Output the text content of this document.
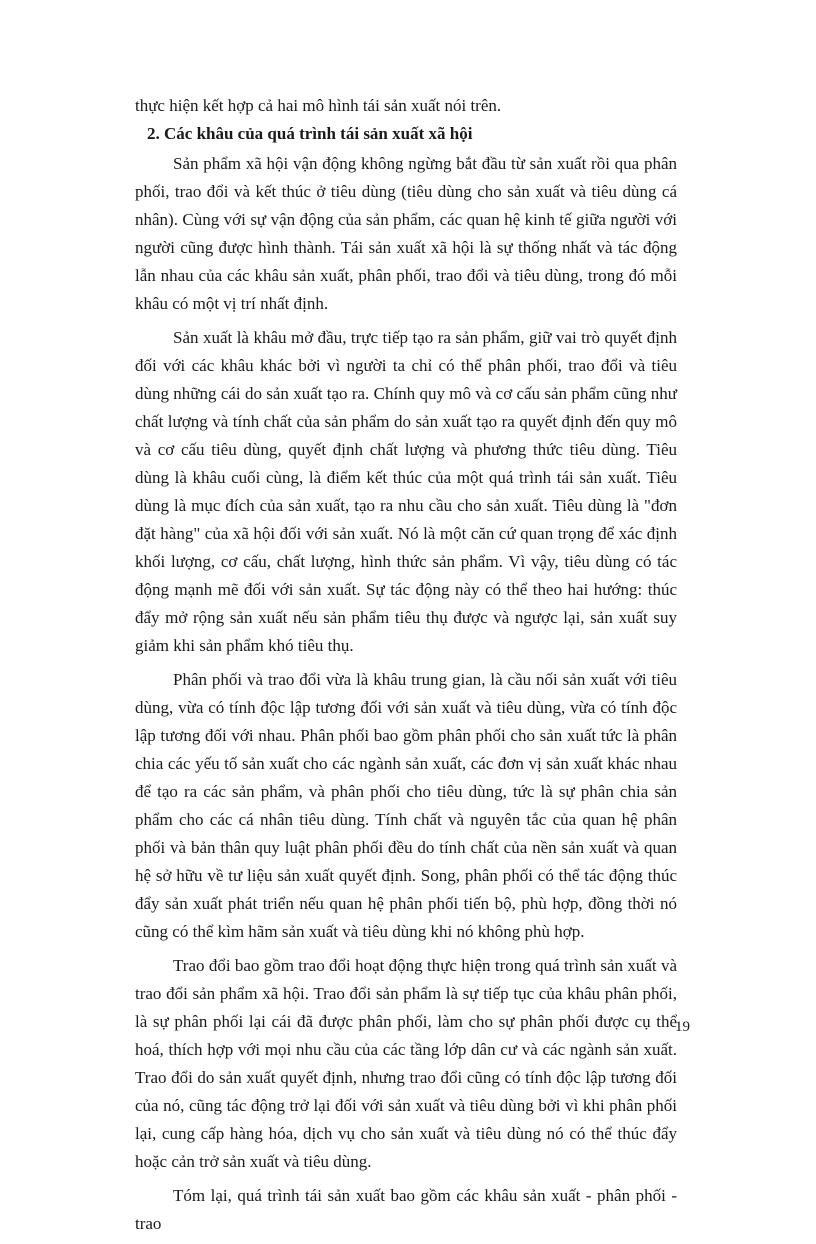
thực hiện kết hợp cả hai mô hình tái sản xuất nói trên.

2. Các khâu của quá trình tái sản xuất xã hội

Sản phẩm xã hội vận động không ngừng bắt đầu từ sản xuất rồi qua phân phối, trao đổi và kết thúc ở tiêu dùng (tiêu dùng cho sản xuất và tiêu dùng cá nhân). Cùng với sự vận động của sản phẩm, các quan hệ kinh tế giữa người với người cũng được hình thành. Tái sản xuất xã hội là sự thống nhất và tác động lẫn nhau của các khâu sản xuất, phân phối, trao đổi và tiêu dùng, trong đó mỗi khâu có một vị trí nhất định.

Sản xuất là khâu mở đầu, trực tiếp tạo ra sản phẩm, giữ vai trò quyết định đối với các khâu khác bởi vì người ta chỉ có thể phân phối, trao đổi và tiêu dùng những cái do sản xuất tạo ra. Chính quy mô và cơ cấu sản phẩm cũng như chất lượng và tính chất của sản phẩm do sản xuất tạo ra quyết định đến quy mô và cơ cấu tiêu dùng, quyết định chất lượng và phương thức tiêu dùng. Tiêu dùng là khâu cuối cùng, là điểm kết thúc của một quá trình tái sản xuất. Tiêu dùng là mục đích của sản xuất, tạo ra nhu cầu cho sản xuất. Tiêu dùng là "đơn đặt hàng" của xã hội đối với sản xuất. Nó là một căn cứ quan trọng để xác định khối lượng, cơ cấu, chất lượng, hình thức sản phẩm. Vì vậy, tiêu dùng có tác động mạnh mẽ đối với sản xuất. Sự tác động này có thể theo hai hướng: thúc đẩy mở rộng sản xuất nếu sản phẩm tiêu thụ được và ngược lại, sản xuất suy giảm khi sản phẩm khó tiêu thụ.

Phân phối và trao đổi vừa là khâu trung gian, là cầu nối sản xuất với tiêu dùng, vừa có tính độc lập tương đối với sản xuất và tiêu dùng, vừa có tính độc lập tương đối với nhau. Phân phối bao gồm phân phối cho sản xuất tức là phân chia các yếu tố sản xuất cho các ngành sản xuất, các đơn vị sản xuất khác nhau để tạo ra các sản phẩm, và phân phối cho tiêu dùng, tức là sự phân chia sản phẩm cho các cá nhân tiêu dùng. Tính chất và nguyên tắc của quan hệ phân phối và bản thân quy luật phân phối đều do tính chất của nền sản xuất và quan hệ sở hữu về tư liệu sản xuất quyết định. Song, phân phối có thể tác động thúc đẩy sản xuất phát triển nếu quan hệ phân phối tiến bộ, phù hợp, đồng thời nó cũng có thể kìm hãm sản xuất và tiêu dùng khi nó không phù hợp.

Trao đổi bao gồm trao đổi hoạt động thực hiện trong quá trình sản xuất và trao đổi sản phẩm xã hội. Trao đổi sản phẩm là sự tiếp tục của khâu phân phối, là sự phân phối lại cái đã được phân phối, làm cho sự phân phối được cụ thể hoá, thích hợp với mọi nhu cầu của các tầng lớp dân cư và các ngành sản xuất. Trao đổi do sản xuất quyết định, nhưng trao đổi cũng có tính độc lập tương đối của nó, cũng tác động trở lại đối với sản xuất và tiêu dùng bởi vì khi phân phối lại, cung cấp hàng hóa, dịch vụ cho sản xuất và tiêu dùng nó có thể thúc đẩy hoặc cản trở sản xuất và tiêu dùng.

Tóm lại, quá trình tái sản xuất bao gồm các khâu sản xuất - phân phối - trao

19
